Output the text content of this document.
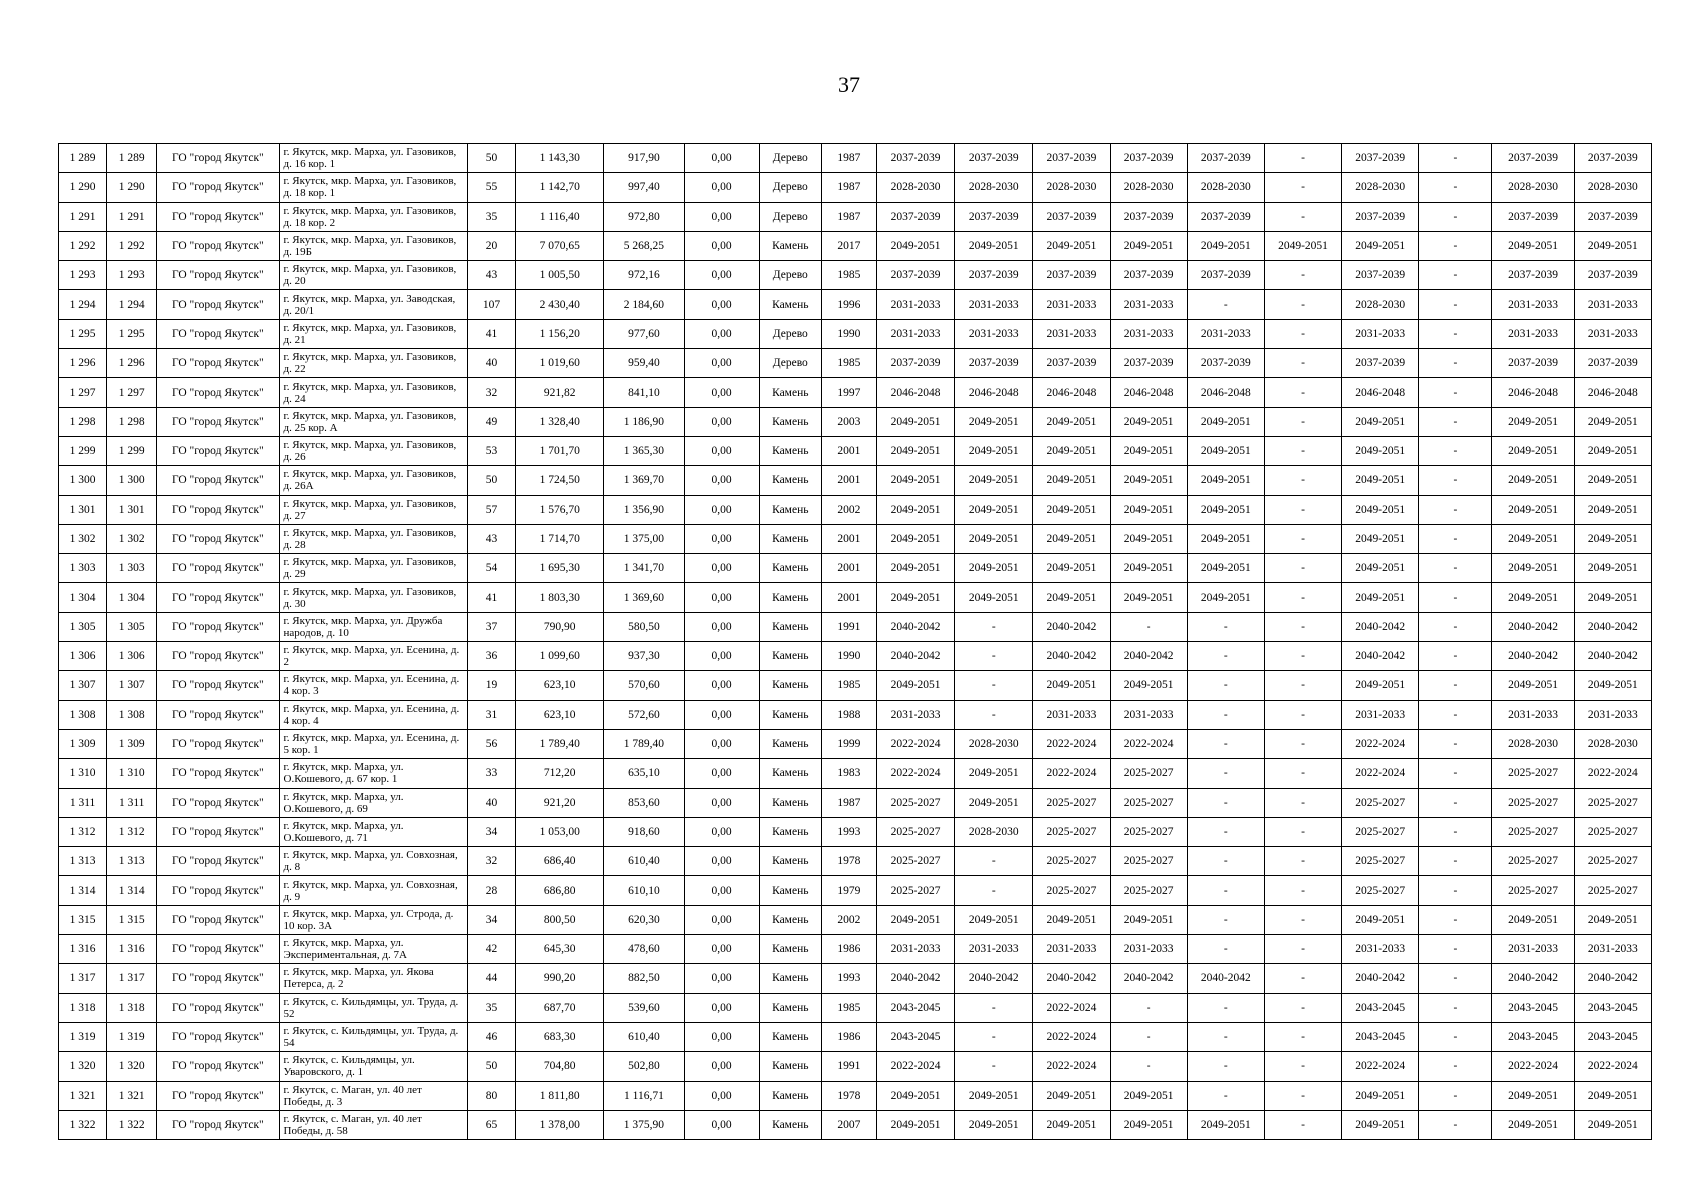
37
1 289	1 289	ГО "город Якутск"	г. Якутск, мкр. Марха, ул. Газовиков, д. 16 кор. 1	50	1 143,30	917,90	0,00	Дерево	1987	2037-2039	2037-2039	2037-2039	2037-2039	2037-2039	-	2037-2039	-	2037-2039	2037-2039
1 290	1 290	ГО "город Якутск"	г. Якутск, мкр. Марха, ул. Газовиков, д. 18 кор. 1	55	1 142,70	997,40	0,00	Дерево	1987	2028-2030	2028-2030	2028-2030	2028-2030	2028-2030	-	2028-2030	-	2028-2030	2028-2030
1 291	1 291	ГО "город Якутск"	г. Якутск, мкр. Марха, ул. Газовиков, д. 18 кор. 2	35	1 116,40	972,80	0,00	Дерево	1987	2037-2039	2037-2039	2037-2039	2037-2039	2037-2039	-	2037-2039	-	2037-2039	2037-2039
1 292	1 292	ГО "город Якутск"	г. Якутск, мкр. Марха, ул. Газовиков, д. 19Б	20	7 070,65	5 268,25	0,00	Камень	2017	2049-2051	2049-2051	2049-2051	2049-2051	2049-2051	2049-2051	2049-2051	-	2049-2051	2049-2051
1 293	1 293	ГО "город Якутск"	г. Якутск, мкр. Марха, ул. Газовиков, д. 20	43	1 005,50	972,16	0,00	Дерево	1985	2037-2039	2037-2039	2037-2039	2037-2039	2037-2039	-	2037-2039	-	2037-2039	2037-2039
1 294	1 294	ГО "город Якутск"	г. Якутск, мкр. Марха, ул. Заводская, д. 20/1	107	2 430,40	2 184,60	0,00	Камень	1996	2031-2033	2031-2033	2031-2033	2031-2033	-	-	2028-2030	-	2031-2033	2031-2033
1 295	1 295	ГО "город Якутск"	г. Якутск, мкр. Марха, ул. Газовиков, д. 21	41	1 156,20	977,60	0,00	Дерево	1990	2031-2033	2031-2033	2031-2033	2031-2033	2031-2033	-	2031-2033	-	2031-2033	2031-2033
1 296	1 296	ГО "город Якутск"	г. Якутск, мкр. Марха, ул. Газовиков, д. 22	40	1 019,60	959,40	0,00	Дерево	1985	2037-2039	2037-2039	2037-2039	2037-2039	2037-2039	-	2037-2039	-	2037-2039	2037-2039
1 297	1 297	ГО "город Якутск"	г. Якутск, мкр. Марха, ул. Газовиков, д. 24	32	921,82	841,10	0,00	Камень	1997	2046-2048	2046-2048	2046-2048	2046-2048	2046-2048	-	2046-2048	-	2046-2048	2046-2048
1 298	1 298	ГО "город Якутск"	г. Якутск, мкр. Марха, ул. Газовиков, д. 25 кор. А	49	1 328,40	1 186,90	0,00	Камень	2003	2049-2051	2049-2051	2049-2051	2049-2051	2049-2051	-	2049-2051	-	2049-2051	2049-2051
1 299	1 299	ГО "город Якутск"	г. Якутск, мкр. Марха, ул. Газовиков, д. 26	53	1 701,70	1 365,30	0,00	Камень	2001	2049-2051	2049-2051	2049-2051	2049-2051	2049-2051	-	2049-2051	-	2049-2051	2049-2051
1 300	1 300	ГО "город Якутск"	г. Якутск, мкр. Марха, ул. Газовиков, д. 26А	50	1 724,50	1 369,70	0,00	Камень	2001	2049-2051	2049-2051	2049-2051	2049-2051	2049-2051	-	2049-2051	-	2049-2051	2049-2051
1 301	1 301	ГО "город Якутск"	г. Якутск, мкр. Марха, ул. Газовиков, д. 27	57	1 576,70	1 356,90	0,00	Камень	2002	2049-2051	2049-2051	2049-2051	2049-2051	2049-2051	-	2049-2051	-	2049-2051	2049-2051
1 302	1 302	ГО "город Якутск"	г. Якутск, мкр. Марха, ул. Газовиков, д. 28	43	1 714,70	1 375,00	0,00	Камень	2001	2049-2051	2049-2051	2049-2051	2049-2051	2049-2051	-	2049-2051	-	2049-2051	2049-2051
1 303	1 303	ГО "город Якутск"	г. Якутск, мкр. Марха, ул. Газовиков, д. 29	54	1 695,30	1 341,70	0,00	Камень	2001	2049-2051	2049-2051	2049-2051	2049-2051	2049-2051	-	2049-2051	-	2049-2051	2049-2051
1 304	1 304	ГО "город Якутск"	г. Якутск, мкр. Марха, ул. Газовиков, д. 30	41	1 803,30	1 369,60	0,00	Камень	2001	2049-2051	2049-2051	2049-2051	2049-2051	2049-2051	-	2049-2051	-	2049-2051	2049-2051
1 305	1 305	ГО "город Якутск"	г. Якутск, мкр. Марха, ул. Дружба народов, д. 10	37	790,90	580,50	0,00	Камень	1991	2040-2042	-	2040-2042	-	-	-	2040-2042	-	2040-2042	2040-2042
1 306	1 306	ГО "город Якутск"	г. Якутск, мкр. Марха, ул. Есенина, д. 2	36	1 099,60	937,30	0,00	Камень	1990	2040-2042	-	2040-2042	2040-2042	-	-	2040-2042	-	2040-2042	2040-2042
1 307	1 307	ГО "город Якутск"	г. Якутск, мкр. Марха, ул. Есенина, д. 4 кор. 3	19	623,10	570,60	0,00	Камень	1985	2049-2051	-	2049-2051	2049-2051	-	-	2049-2051	-	2049-2051	2049-2051
1 308	1 308	ГО "город Якутск"	г. Якутск, мкр. Марха, ул. Есенина, д. 4 кор. 4	31	623,10	572,60	0,00	Камень	1988	2031-2033	-	2031-2033	2031-2033	-	-	2031-2033	-	2031-2033	2031-2033
1 309	1 309	ГО "город Якутск"	г. Якутск, мкр. Марха, ул. Есенина, д. 5 кор. 1	56	1 789,40	1 789,40	0,00	Камень	1999	2022-2024	2028-2030	2022-2024	2022-2024	-	-	2022-2024	-	2028-2030	2028-2030
1 310	1 310	ГО "город Якутск"	г. Якутск, мкр. Марха, ул. О.Кошевого, д. 67 кор. 1	33	712,20	635,10	0,00	Камень	1983	2022-2024	2049-2051	2022-2024	2025-2027	-	-	2022-2024	-	2025-2027	2022-2024
1 311	1 311	ГО "город Якутск"	г. Якутск, мкр. Марха, ул. О.Кошевого, д. 69	40	921,20	853,60	0,00	Камень	1987	2025-2027	2049-2051	2025-2027	2025-2027	-	-	2025-2027	-	2025-2027	2025-2027
1 312	1 312	ГО "город Якутск"	г. Якутск, мкр. Марха, ул. О.Кошевого, д. 71	34	1 053,00	918,60	0,00	Камень	1993	2025-2027	2028-2030	2025-2027	2025-2027	-	-	2025-2027	-	2025-2027	2025-2027
1 313	1 313	ГО "город Якутск"	г. Якутск, мкр. Марха, ул. Совхозная, д. 8	32	686,40	610,40	0,00	Камень	1978	2025-2027	-	2025-2027	2025-2027	-	-	2025-2027	-	2025-2027	2025-2027
1 314	1 314	ГО "город Якутск"	г. Якутск, мкр. Марха, ул. Совхозная, д. 9	28	686,80	610,10	0,00	Камень	1979	2025-2027	-	2025-2027	2025-2027	-	-	2025-2027	-	2025-2027	2025-2027
1 315	1 315	ГО "город Якутск"	г. Якутск, мкр. Марха, ул. Строда, д. 10 кор. 3А	34	800,50	620,30	0,00	Камень	2002	2049-2051	2049-2051	2049-2051	2049-2051	-	-	2049-2051	-	2049-2051	2049-2051
1 316	1 316	ГО "город Якутск"	г. Якутск, мкр. Марха, ул. Экспериментальная, д. 7А	42	645,30	478,60	0,00	Камень	1986	2031-2033	2031-2033	2031-2033	2031-2033	-	-	2031-2033	-	2031-2033	2031-2033
1 317	1 317	ГО "город Якутск"	г. Якутск, мкр. Марха, ул. Якова Петерса, д. 2	44	990,20	882,50	0,00	Камень	1993	2040-2042	2040-2042	2040-2042	2040-2042	2040-2042	-	2040-2042	-	2040-2042	2040-2042
1 318	1 318	ГО "город Якутск"	г. Якутск, с. Кильдямцы, ул. Труда, д. 52	35	687,70	539,60	0,00	Камень	1985	2043-2045	-	2022-2024	-	-	-	2043-2045	-	2043-2045	2043-2045
1 319	1 319	ГО "город Якутск"	г. Якутск, с. Кильдямцы, ул. Труда, д. 54	46	683,30	610,40	0,00	Камень	1986	2043-2045	-	2022-2024	-	-	-	2043-2045	-	2043-2045	2043-2045
1 320	1 320	ГО "город Якутск"	г. Якутск, с. Кильдямцы, ул. Уваровского, д. 1	50	704,80	502,80	0,00	Камень	1991	2022-2024	-	2022-2024	-	-	-	2022-2024	-	2022-2024	2022-2024
1 321	1 321	ГО "город Якутск"	г. Якутск, с. Маган, ул. 40 лет Победы, д. 3	80	1 811,80	1 116,71	0,00	Камень	1978	2049-2051	2049-2051	2049-2051	2049-2051	-	-	2049-2051	-	2049-2051	2049-2051
1 322	1 322	ГО "город Якутск"	г. Якутск, с. Маган, ул. 40 лет Победы, д. 58	65	1 378,00	1 375,90	0,00	Камень	2007	2049-2051	2049-2051	2049-2051	2049-2051	2049-2051	-	2049-2051	-	2049-2051	2049-2051
